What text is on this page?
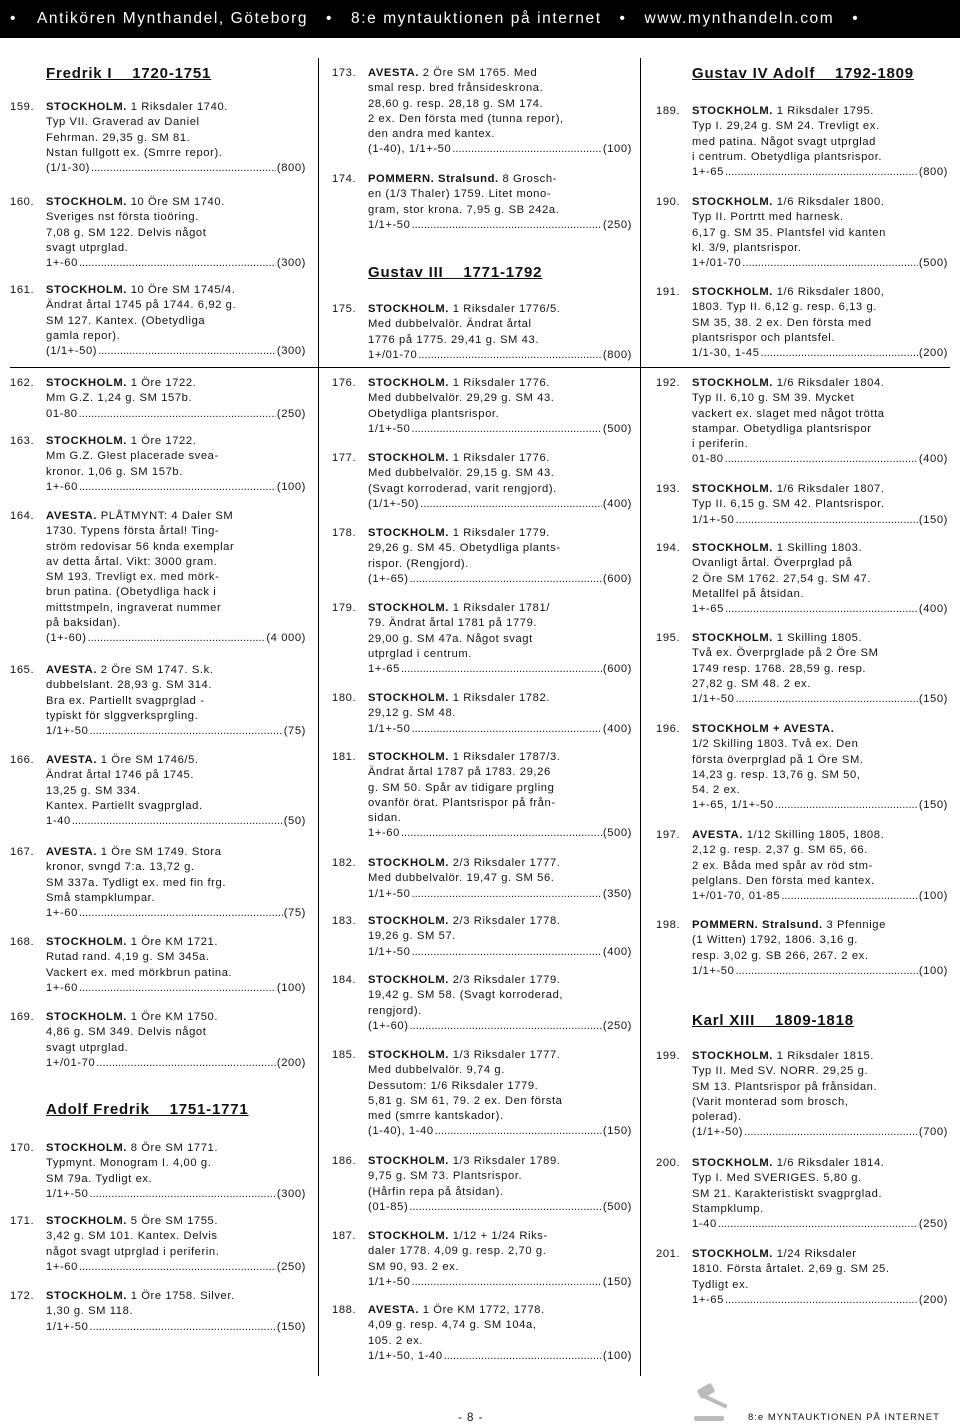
• Antikören Mynthandel, Göteborg • 8:e myntauktionen på internet • www.mynthandeln.com •
Fredrik I    1720-1751
159. STOCKHOLM. 1 Riksdaler 1740.
Typ VII. Graverad av Daniel
Fehrman. 29,35 g. SM 81.
Nstan fullgott ex. (Smrre repor).
(1/1-30) .....	(800)
160. STOCKHOLM. 10 Öre SM 1740.
Sveriges nst första tioöring.
7,08 g. SM 122. Delvis något
svagt utprglad.
1+-60 .....	(300)
161. STOCKHOLM. 10 Öre SM 1745/4.
Ändrat årtal 1745 på 1744. 6,92 g.
SM 127. Kantex. (Obetydliga
gamla repor).
(1/1+-50) .....	(300)
162. STOCKHOLM. 1 Öre 1722.
Mm G.Z. 1,24 g. SM 157b.
01-80 .....	(250)
163. STOCKHOLM. 1 Öre 1722.
Mm G.Z. Glest placerade svea-
kronor. 1,06 g. SM 157b.
1+-60 .....	(100)
164. AVESTA. PLÅTMYNT: 4 Daler SM
1730. Typens första årtal! Ting-
ström redovisar 56 knda exemplar
av detta årtal. Vikt: 3000 gram.
SM 193. Trevligt ex. med mörk-
brun patina. (Obetydliga hack i
mittstmpeln, ingraverat nummer
på baksidan).
(1+-60) .....	(4 000)
165. AVESTA. 2 Öre SM 1747. S.k.
dubbelslant. 28,93 g. SM 314.
Bra ex. Partiellt svagprglad -
typiskt för slggverksprgling.
1/1+-50 .....	(75)
166. AVESTA. 1 Öre SM 1746/5.
Ändrat årtal 1746 på 1745.
13,25 g. SM 334.
Kantex. Partiellt svagprglad.
1-40 .....	(50)
167. AVESTA. 1 Öre SM 1749. Stora
kronor, svngd 7:a. 13,72 g.
SM 337a. Tydligt ex. med fin frg.
Små stampklumpar.
1+-60 .....	(75)
168. STOCKHOLM. 1 Öre KM 1721.
Rutad rand. 4,19 g. SM 345a.
Vackert ex. med mörkbrun patina.
1+-60 .....	(100)
169. STOCKHOLM. 1 Öre KM 1750.
4,86 g. SM 349. Delvis något
svagt utprglad.
1+/01-70 .....	(200)
Adolf Fredrik    1751-1771
170. STOCKHOLM. 8 Öre SM 1771.
Typmynt. Monogram I. 4,00 g.
SM 79a. Tydligt ex.
1/1+-50 .....	(300)
171. STOCKHOLM. 5 Öre SM 1755.
3,42 g. SM 101. Kantex. Delvis
något svagt utprglad i periferin.
1+-60 .....	(250)
172. STOCKHOLM. 1 Öre 1758. Silver.
1,30 g. SM 118.
1/1+-50 .....	(150)
173. AVESTA. 2 Öre SM 1765. Med
smal resp. bred frånsideskrona.
28,60 g. resp. 28,18 g. SM 174.
2 ex. Den första med (tunna repor),
den andra med kantex.
(1-40), 1/1+-50 .....	(100)
174. POMMERN. Stralsund. 8 Grosch-
en (1/3 Thaler) 1759. Litet mono-
gram, stor krona. 7,95 g. SB 242a.
1/1+-50 .....	(250)
Gustav III    1771-1792
175. STOCKHOLM. 1 Riksdaler 1776/5.
Med dubbelvalör. Ändrat årtal
1776 på 1775. 29,41 g. SM 43.
1+/01-70 .....	(800)
176. STOCKHOLM. 1 Riksdaler 1776.
Med dubbelvalör. 29,29 g. SM 43.
Obetydliga plantsrispor.
1/1+-50 .....	(500)
177. STOCKHOLM. 1 Riksdaler 1776.
Med dubbelvalör. 29,15 g. SM 43.
(Svagt korroderad, varit rengjord).
(1/1+-50) .....	(400)
178. STOCKHOLM. 1 Riksdaler 1779.
29,26 g. SM 45. Obetydliga plants-
rispor. (Rengjord).
(1+-65) .....	(600)
179. STOCKHOLM. 1 Riksdaler 1781/
79. Ändrat årtal 1781 på 1779.
29,00 g. SM 47a. Något svagt
utprglad i centrum.
1+-65 .....	(600)
180. STOCKHOLM. 1 Riksdaler 1782.
29,12 g. SM 48.
1/1+-50 .....	(400)
181. STOCKHOLM. 1 Riksdaler 1787/3.
Ändrat årtal 1787 på 1783. 29,26
g. SM 50. Spår av tidigare prgling
ovanför örat. Plantsrispor på från-
sidan.
1+-60 .....	(500)
182. STOCKHOLM. 2/3 Riksdaler 1777.
Med dubbelvalör. 19,47 g. SM 56.
1/1+-50 .....	(350)
183. STOCKHOLM. 2/3 Riksdaler 1778.
19,26 g. SM 57.
1/1+-50 .....	(400)
184. STOCKHOLM. 2/3 Riksdaler 1779.
19,42 g. SM 58. (Svagt korroderad,
rengjord).
(1+-60) .....	(250)
185. STOCKHOLM. 1/3 Riksdaler 1777.
Med dubbelvalör. 9,74 g.
Dessutom: 1/6 Riksdaler 1779.
5,81 g. SM 61, 79. 2 ex. Den första
med (smrre kantskador).
(1-40), 1-40 .....	(150)
186. STOCKHOLM. 1/3 Riksdaler 1789.
9,75 g. SM 73. Plantsrispor.
(Hårfin repa på åtsidan).
(01-85) .....	(500)
187. STOCKHOLM. 1/12 + 1/24 Riks-
daler 1778. 4,09 g. resp. 2,70 g.
SM 90, 93. 2 ex.
1/1+-50 .....	(150)
188. AVESTA. 1 Öre KM 1772, 1778.
4,09 g. resp. 4,74 g. SM 104a,
105. 2 ex.
1/1+-50, 1-40 .....	(100)
Gustav IV Adolf    1792-1809
189. STOCKHOLM. 1 Riksdaler 1795.
Typ I. 29,24 g. SM 24. Trevligt ex.
med patina. Något svagt utprglad
i centrum. Obetydliga plantsrispor.
1+-65 .....	(800)
190. STOCKHOLM. 1/6 Riksdaler 1800.
Typ II. Portrtt med harnesk.
6,17 g. SM 35. Plantsfel vid kanten
kl. 3/9, plantsrispor.
1+/01-70 .....	(500)
191. STOCKHOLM. 1/6 Riksdaler 1800,
1803. Typ II. 6,12 g. resp. 6,13 g.
SM 35, 38. 2 ex. Den första med
plantsrispor och plantsfel.
1/1-30, 1-45 .....	(200)
192. STOCKHOLM. 1/6 Riksdaler 1804.
Typ II. 6,10 g. SM 39. Mycket
vackert ex. slaget med något trötta
stampar. Obetydliga plantsrispor
i periferin.
01-80 .....	(400)
193. STOCKHOLM. 1/6 Riksdaler 1807.
Typ II. 6,15 g. SM 42. Plantsrispor.
1/1+-50 .....	(150)
194. STOCKHOLM. 1 Skilling 1803.
Ovanligt årtal. Överprglad på
2 Öre SM 1762. 27,54 g. SM 47.
Metallfel på åtsidan.
1+-65 .....	(400)
195. STOCKHOLM. 1 Skilling 1805.
Två ex. Överprglade på 2 Öre SM
1749 resp. 1768. 28,59 g. resp.
27,82 g. SM 48. 2 ex.
1/1+-50 .....	(150)
196. STOCKHOLM + AVESTA.
1/2 Skilling 1803. Två ex. Den
första överprglad på 1 Öre SM.
14,23 g. resp. 13,76 g. SM 50,
54. 2 ex.
1+-65, 1/1+-50 .....	(150)
197. AVESTA. 1/12 Skilling 1805, 1808.
2,12 g. resp. 2,37 g. SM 65, 66.
2 ex. Båda med spår av röd stm-
pelglans. Den första med kantex.
1+/01-70, 01-85 .....	(100)
198. POMMERN. Stralsund. 3 Pfennige
(1 Witten) 1792, 1806. 3,16 g.
resp. 3,02 g. SB 266, 267. 2 ex.
1/1+-50 .....	(100)
Karl XIII    1809-1818
199. STOCKHOLM. 1 Riksdaler 1815.
Typ II. Med SV. NORR. 29,25 g.
SM 13. Plantsrispor på frånsidan.
(Varit monterad som brosch,
polerad).
(1/1+-50) .....	(700)
200. STOCKHOLM. 1/6 Riksdaler 1814.
Typ I. Med SVERIGES. 5,80 g.
SM 21. Karakteristiskt svagprglad.
Stampklump.
1-40 .....	(250)
201. STOCKHOLM. 1/24 Riksdaler
1810. Första årtalet. 2,69 g. SM 25.
Tydligt ex.
1+-65 .....	(200)
- 8 -	8:e MYNTAUKTIONEN PÅ INTERNET
